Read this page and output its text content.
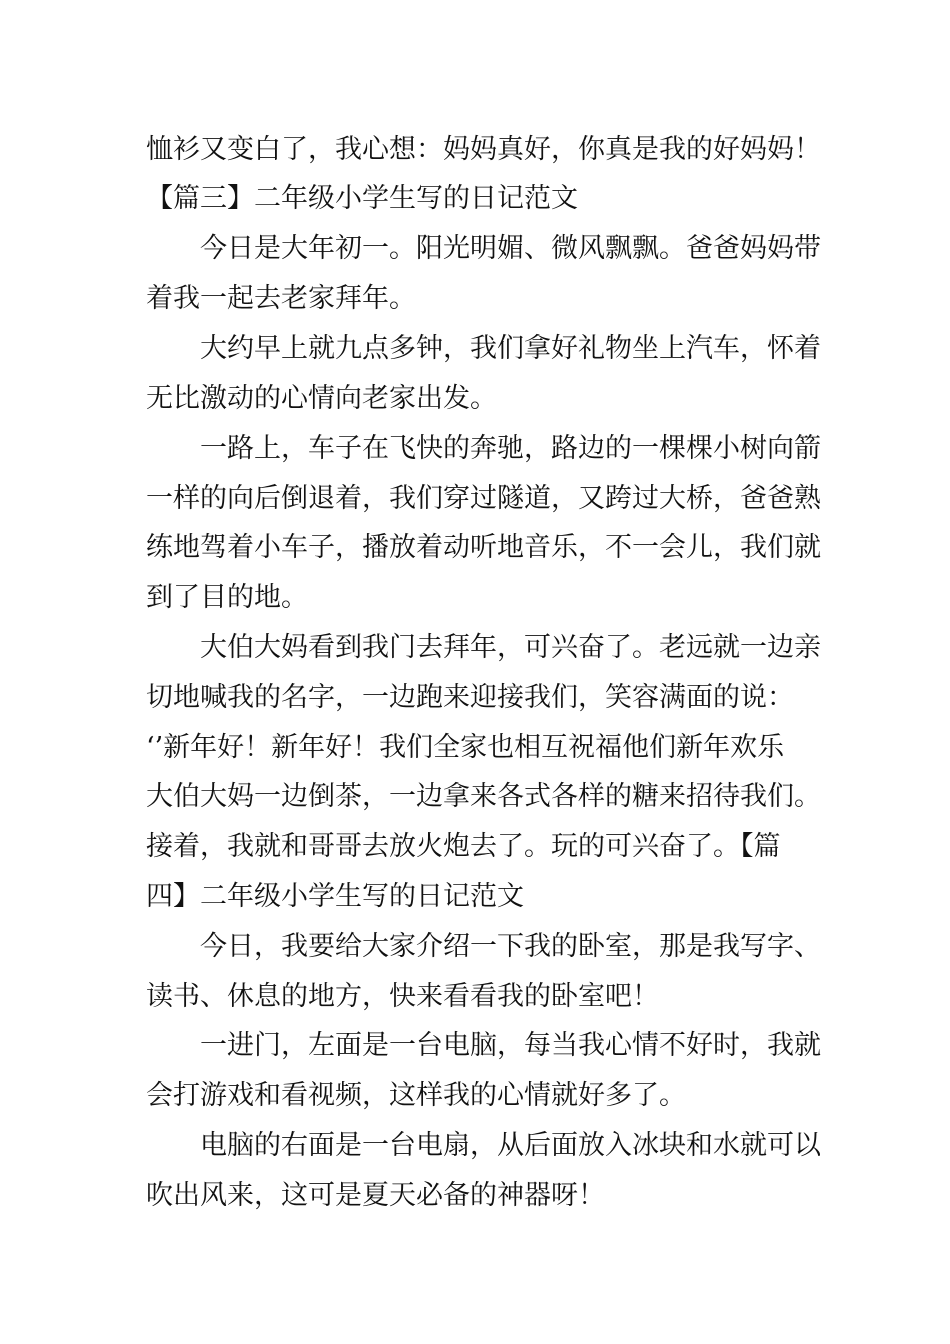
恤衫又变白了，我心想：妈妈真好，你真是我的好妈妈！
【篇三】二年级小学生写的日记范文
今日是大年初一。阳光明媚、微风飘飘。爸爸妈妈带
着我一起去老家拜年。
大约早上就九点多钟，我们拿好礼物坐上汽车，怀着
无比激动的心情向老家出发。
一路上，车子在飞快的奔驰，路边的一棵棵小树向箭
一样的向后倒退着，我们穿过隧道，又跨过大桥，爸爸熟
练地驾着小车子，播放着动听地音乐，不一会儿，我们就
到了目的地。
大伯大妈看到我门去拜年，可兴奋了。老远就一边亲
切地喊我的名字，一边跑来迎接我们，笑容满面的说：
‘’新年好！新年好！我们全家也相互祝福他们新年欢乐
大伯大妈一边倒茶，一边拿来各式各样的糖来招待我们。
接着，我就和哥哥去放火炮去了。玩的可兴奋了。【篇
四】二年级小学生写的日记范文
今日，我要给大家介绍一下我的卧室，那是我写字、
读书、休息的地方，快来看看我的卧室吧！
一进门，左面是一台电脑，每当我心情不好时，我就
会打游戏和看视频，这样我的心情就好多了。
电脑的右面是一台电扇，从后面放入冰块和水就可以
吹出风来，这可是夏天必备的神器呀！
